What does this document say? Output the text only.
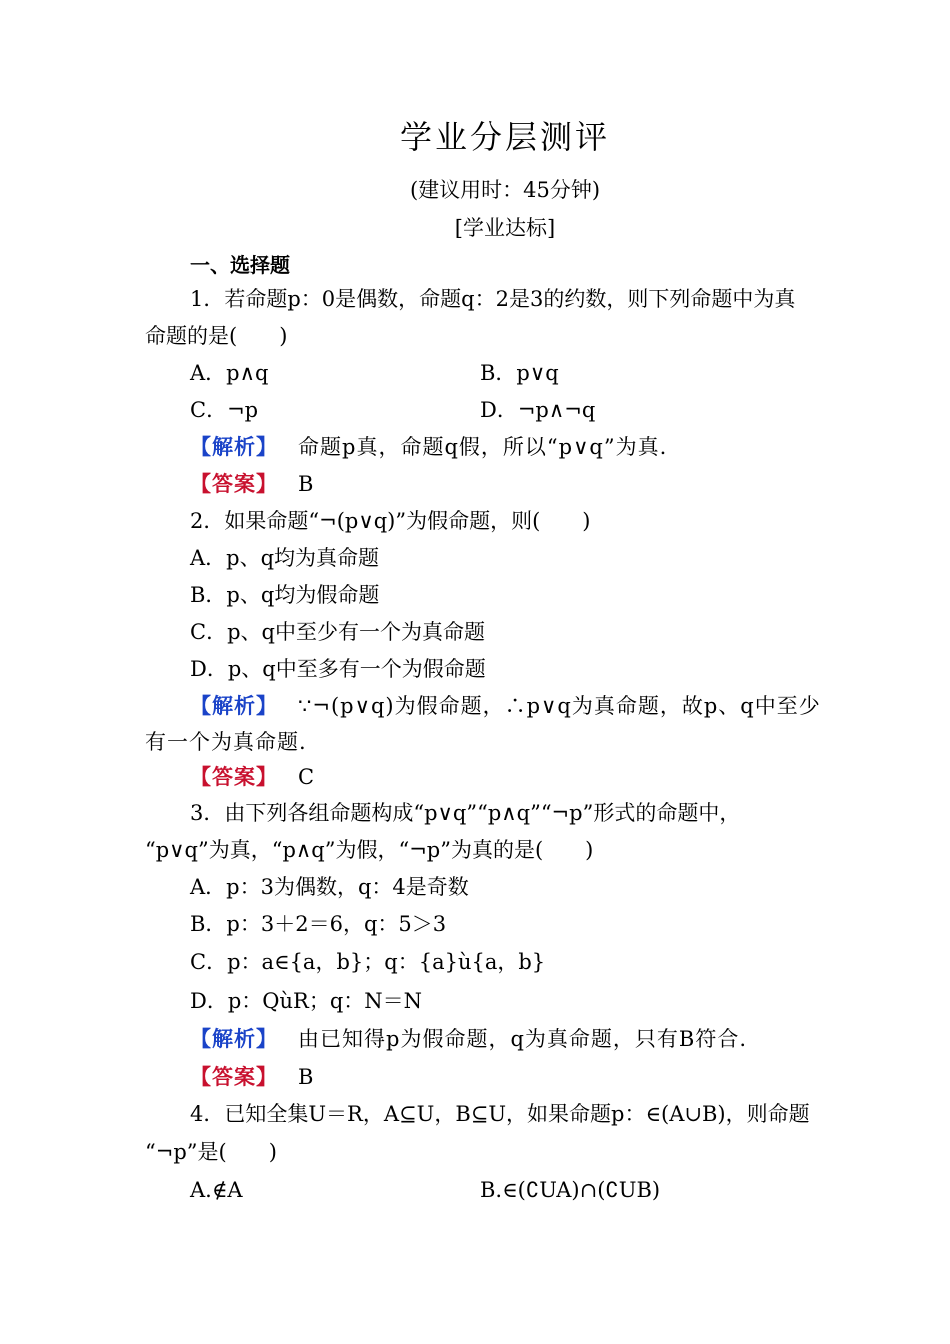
学业分层测评
(建议用时：45分钟)
[学业达标]
一、选择题
1．若命题p：0是偶数，命题q：2是3的约数，则下列命题中为真
命题的是(　　)
A．p∧q	B．p∨q
C．¬p	D．¬p∧¬q
【解析】 命题p真，命题q假，所以“p∨q”为真.
【答案】 B
2．如果命题“¬(p∨q)”为假命题，则(　　)
A．p、q均为真命题
B．p、q均为假命题
C．p、q中至少有一个为真命题
D．p、q中至多有一个为假命题
【解析】 ∵¬(p∨q)为假命题，∴p∨q为真命题，故p、q中至少
有一个为真命题.
【答案】 C
3．由下列各组命题构成“p∨q”“p∧q”“¬p”形式的命题中，
“p∨q”为真，“p∧q”为假，“¬p”为真的是(　　)
A．p：3为偶数，q：4是奇数
B．p：3＋2＝6，q：5＞3
C．p：a∈{a，b}；q：{a}ù{a，b}
D．p：QùR；q：N＝N
【解析】 由已知得p为假命题，q为真命题，只有B符合.
【答案】 B
4．已知全集U＝R，A⊆U，B⊆U，如果命题p：∈(A∪B)，则命题
“¬p”是(　　)
A.∉A	B.∈(∁UA)∩(∁UB)
